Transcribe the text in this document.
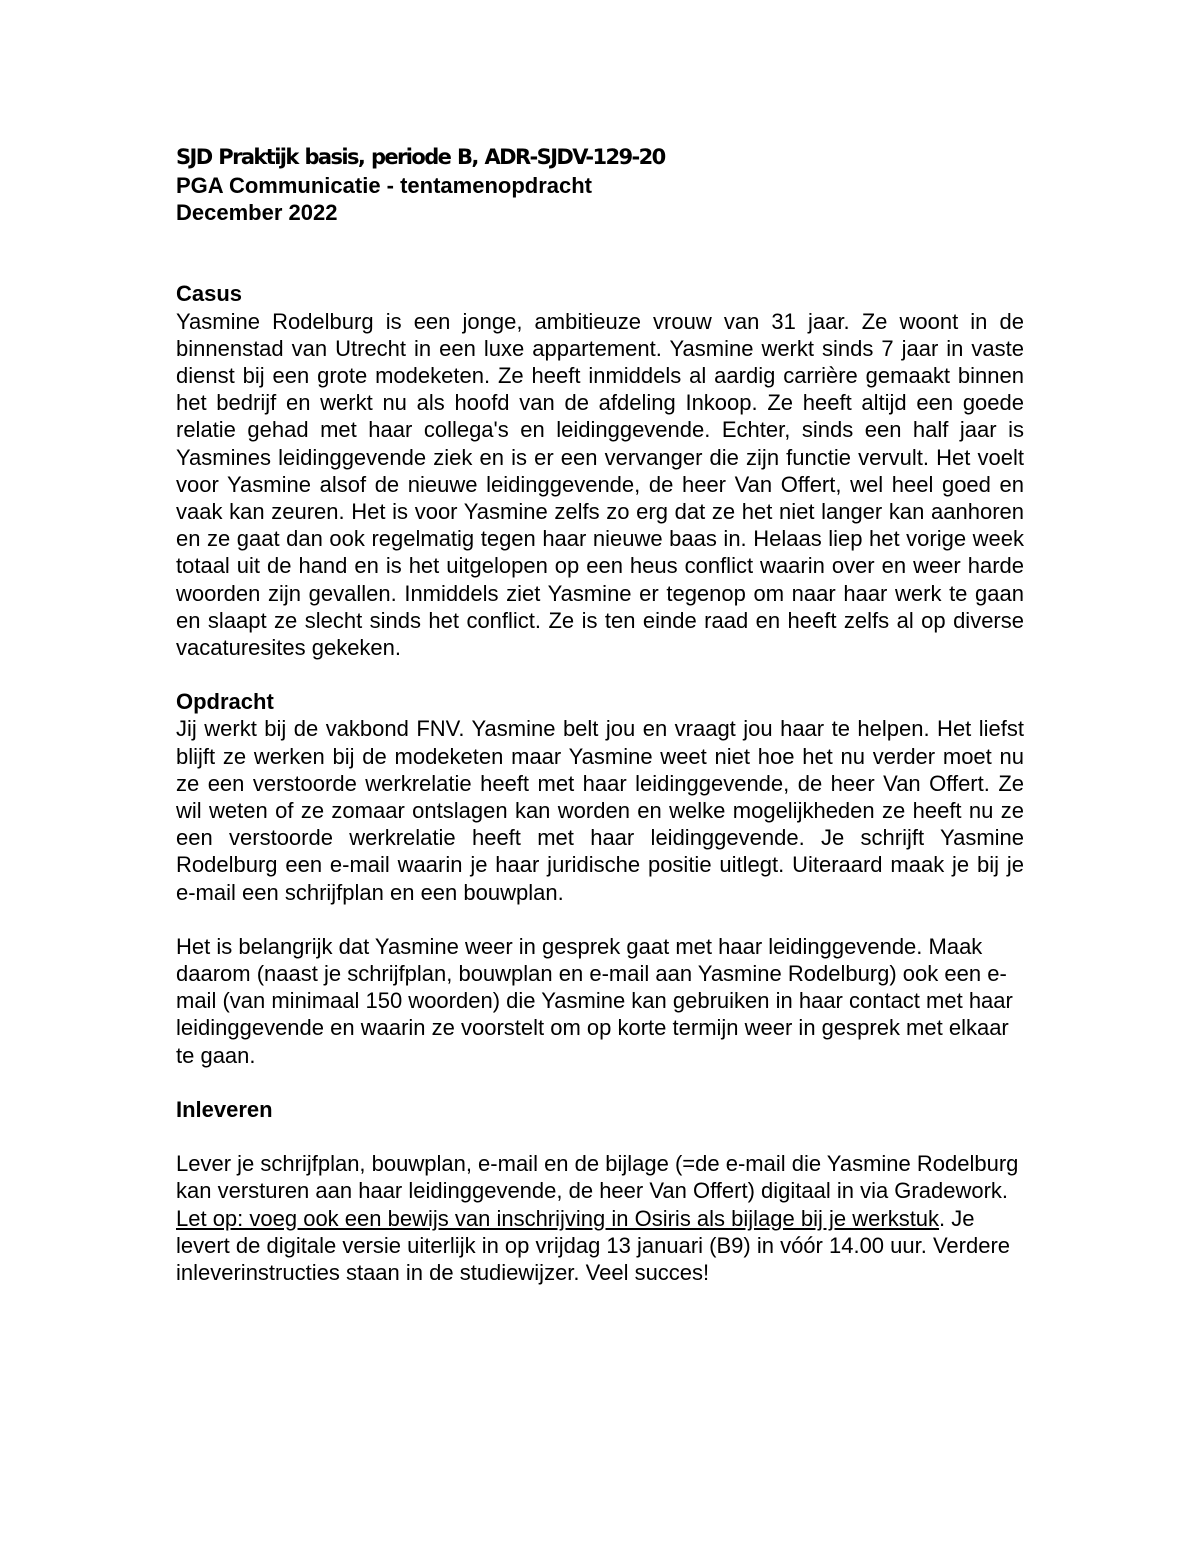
SJD Praktijk basis, periode B, ADR-SJDV-129-20
PGA Communicatie - tentamenopdracht
December 2022
Casus

Yasmine Rodelburg is een jonge, ambitieuze vrouw van 31 jaar. Ze woont in de binnenstad van Utrecht in een luxe appartement. Yasmine werkt sinds 7 jaar in vaste dienst bij een grote modeketen. Ze heeft inmiddels al aardig carrière gemaakt binnen het bedrijf en werkt nu als hoofd van de afdeling Inkoop. Ze heeft altijd een goede relatie gehad met haar collega's en leidinggevende. Echter, sinds een half jaar is Yasmines leidinggevende ziek en is er een vervanger die zijn functie vervult. Het voelt voor Yasmine alsof de nieuwe leidinggevende, de heer Van Offert, wel heel goed en vaak kan zeuren. Het is voor Yasmine zelfs zo erg dat ze het niet langer kan aanhoren en ze gaat dan ook regelmatig tegen haar nieuwe baas in. Helaas liep het vorige week totaal uit de hand en is het uitgelopen op een heus conflict waarin over en weer harde woorden zijn gevallen. Inmiddels ziet Yasmine er tegenop om naar haar werk te gaan en slaapt ze slecht sinds het conflict. Ze is ten einde raad en heeft zelfs al op diverse vacaturesites gekeken.

Opdracht

Jij werkt bij de vakbond FNV. Yasmine belt jou en vraagt jou haar te helpen. Het liefst blijft ze werken bij de modeketen maar Yasmine weet niet hoe het nu verder moet nu ze een verstoorde werkrelatie heeft met haar leidinggevende, de heer Van Offert. Ze wil weten of ze zomaar ontslagen kan worden en welke mogelijkheden ze heeft nu ze een verstoorde werkrelatie heeft met haar leidinggevende. Je schrijft Yasmine Rodelburg een e-mail waarin je haar juridische positie uitlegt. Uiteraard maak je bij je e-mail een schrijfplan en een bouwplan.

Het is belangrijk dat Yasmine weer in gesprek gaat met haar leidinggevende. Maak daarom (naast je schrijfplan, bouwplan en e-mail aan Yasmine Rodelburg) ook een e-mail (van minimaal 150 woorden) die Yasmine kan gebruiken in haar contact met haar leidinggevende en waarin ze voorstelt om op korte termijn weer in gesprek met elkaar te gaan.

Inleveren

Lever je schrijfplan, bouwplan, e-mail en de bijlage (=de e-mail die Yasmine Rodelburg kan versturen aan haar leidinggevende, de heer Van Offert) digitaal in via Gradework. Let op: voeg ook een bewijs van inschrijving in Osiris als bijlage bij je werkstuk. Je levert de digitale versie uiterlijk in op vrijdag 13 januari (B9) in vóór 14.00 uur. Verdere inleverinstructies staan in de studiewijzer. Veel succes!
